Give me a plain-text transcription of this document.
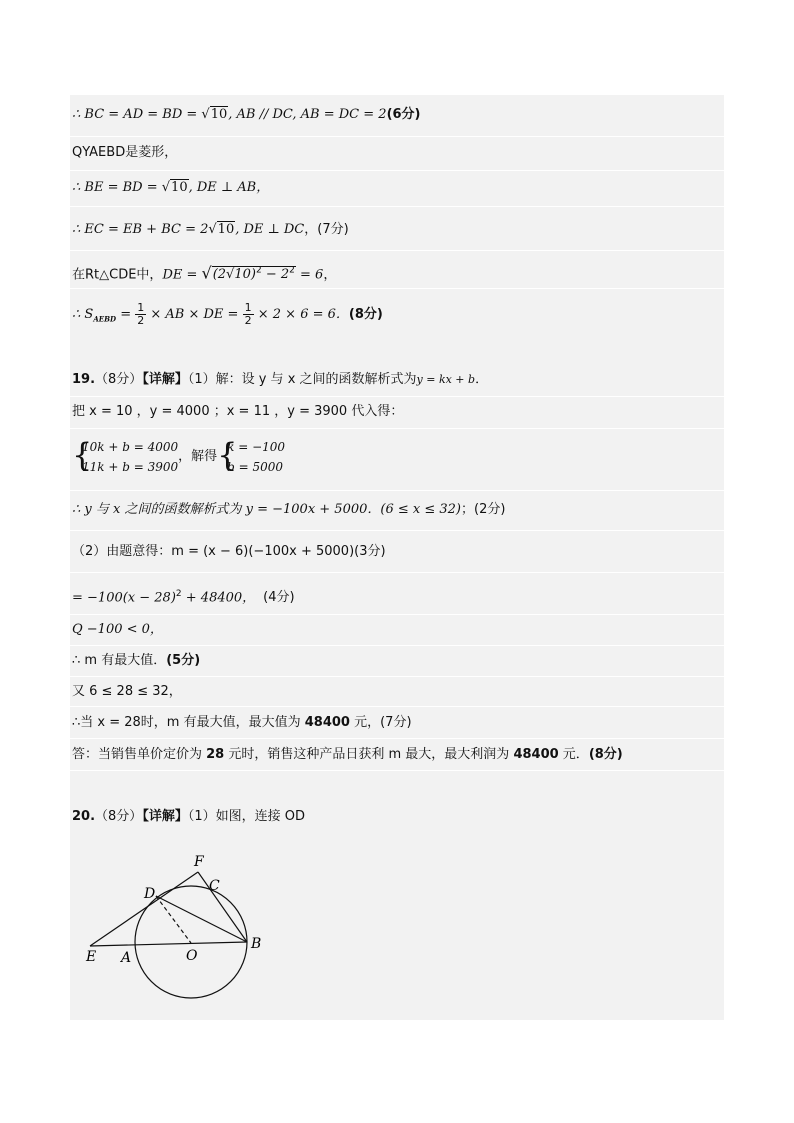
∴ BC = AD = BD = √10, AB // DC, AB = DC = 2(6分)
QYAEBD是菱形，
∴ BE = BD = √10, DE ⊥ AB，
∴ EC = EB + BC = 2√10, DE ⊥ DC，(7分)
在Rt△CDE中，DE = $√(2√10)^2 - 2^2 = 6$，
∴ $S_{AEBD} = \frac{1}{2}$ × AB × DE = $\frac{1}{2} \times 2 \times 6 = 6$．(8分)
19.（8分）【详解】（1）解：设 y 与 x 之间的函数解析式为y = kx + b．
把 x = 10 ，y = 4000 ；x = 11 ，y = 3900 代入得：
{
10k + b = 4000
11k + b = 3900
，解得 {
k = −100
b = 5000
∴ y 与 x 之间的函数解析式为 y = −100x + 5000．(6 ≤ x ≤ 32)；(2分)
（2）由题意得：m = (x − 6)(−100x + 5000)(3分)
= $-100(x - 28)^2 + 48400$， (4分)
Q −100 < 0，
∴ m 有最大值．(5分)
又 6 ≤ 28 ≤ 32，
∴当 x = 28时，m 有最大值，最大值为 48400 元，(7分)
答：当销售单价定价为 28 元时，销售这种产品日获利 m 最大，最大利润为 48400 元．(8分)
20.（8分）【详解】（1）如图，连接 OD
F
C
D
E A	O
B
